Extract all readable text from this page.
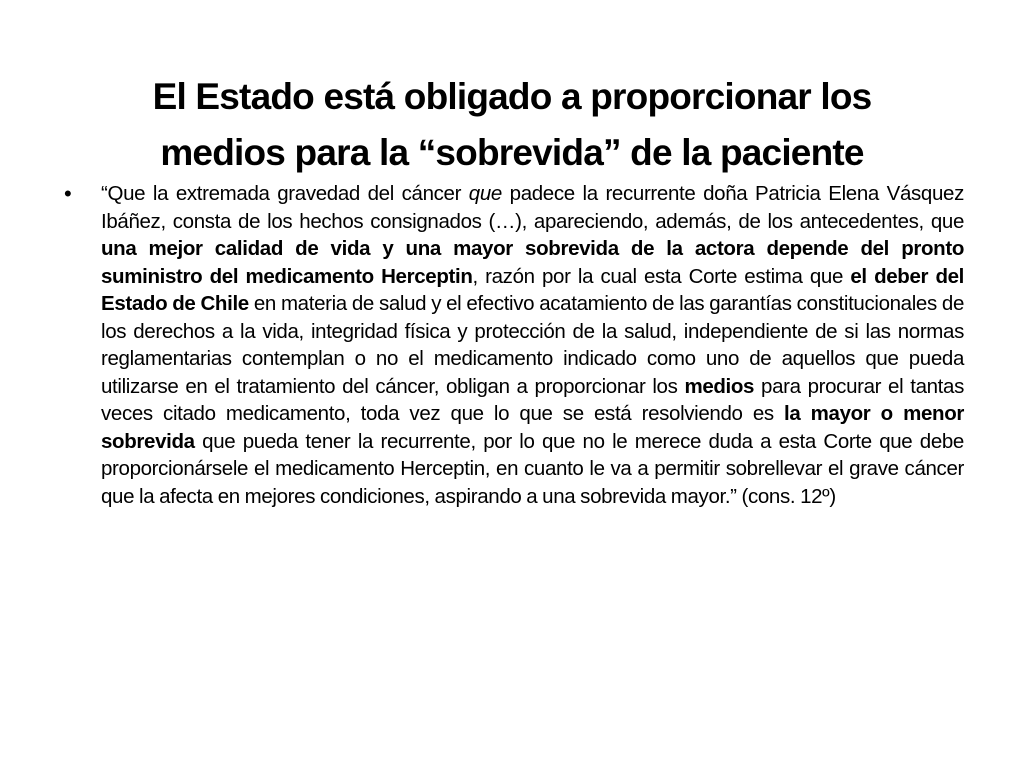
El Estado está obligado a proporcionar los
medios para la “sobrevida” de la paciente
• “Que la extremada gravedad del cáncer que padece la recurrente doña Patricia Elena Vásquez Ibáñez, consta de los hechos consignados (…), apareciendo, además, de los antecedentes, que una mejor calidad de vida y una mayor sobrevida de la actora depende del pronto suministro del medicamento Herceptin, razón por la cual esta Corte estima que el deber del Estado de Chile en materia de salud y el efectivo acatamiento de las garantías constitucionales de los derechos a la vida, integridad física y protección de la salud, independiente de si las normas reglamentarias contemplan o no el medicamento indicado como uno de aquellos que pueda utilizarse en el tratamiento del cáncer, obligan a proporcionar los medios para procurar el tantas veces citado medicamento, toda vez que lo que se está resolviendo es la mayor o menor sobrevida que pueda tener la recurrente, por lo que no le merece duda a esta Corte que debe proporcionársele el medicamento Herceptin, en cuanto le va a permitir sobrellevar el grave cáncer que la afecta en mejores condiciones, aspirando a una sobrevida mayor.” (cons. 12º)
